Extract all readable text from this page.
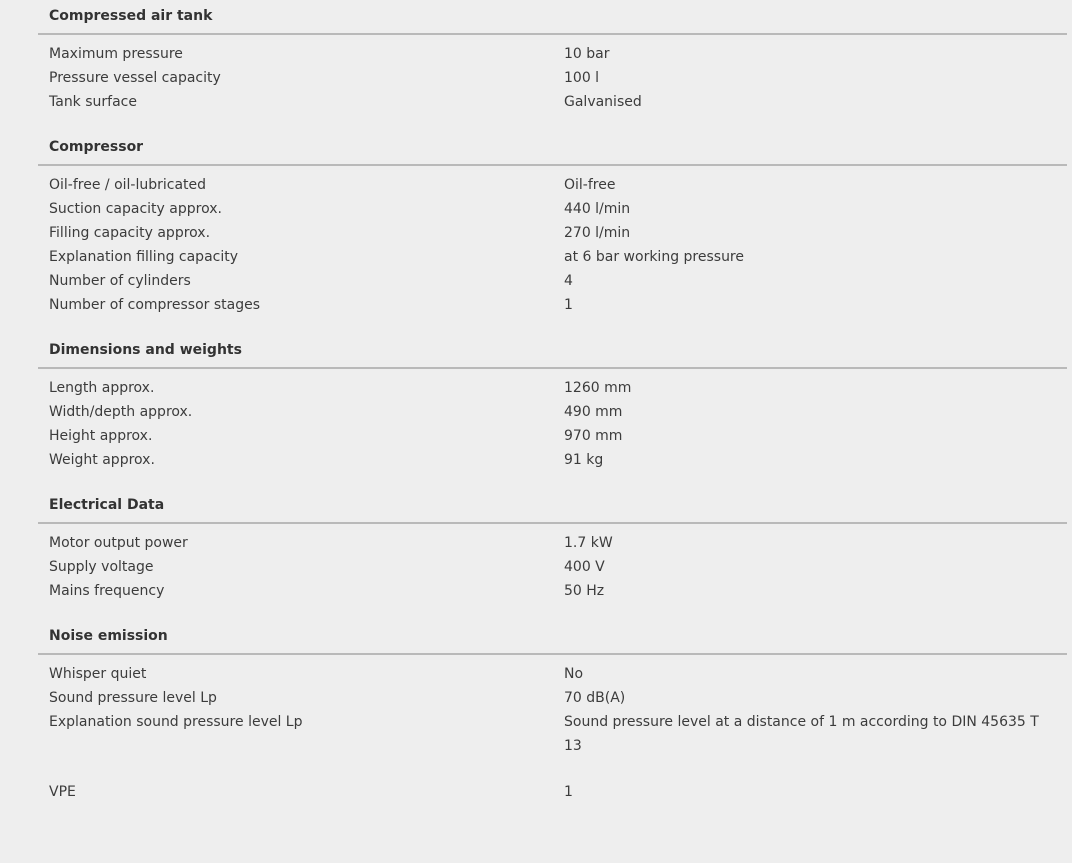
Compressed air tank
Maximum pressure	10 bar
Pressure vessel capacity	100 l
Tank surface	Galvanised
Compressor
Oil-free / oil-lubricated	Oil-free
Suction capacity approx.	440 l/min
Filling capacity approx.	270 l/min
Explanation filling capacity	at 6 bar working pressure
Number of cylinders	4
Number of compressor stages	1
Dimensions and weights
Length approx.	1260 mm
Width/depth approx.	490 mm
Height approx.	970 mm
Weight approx.	91 kg
Electrical Data
Motor output power	1.7 kW
Supply voltage	400 V
Mains frequency	50 Hz
Noise emission
Whisper quiet	No
Sound pressure level Lp	70 dB(A)
Explanation sound pressure level Lp	Sound pressure level at a distance of 1 m according to DIN 45635 T 13
VPE	1
